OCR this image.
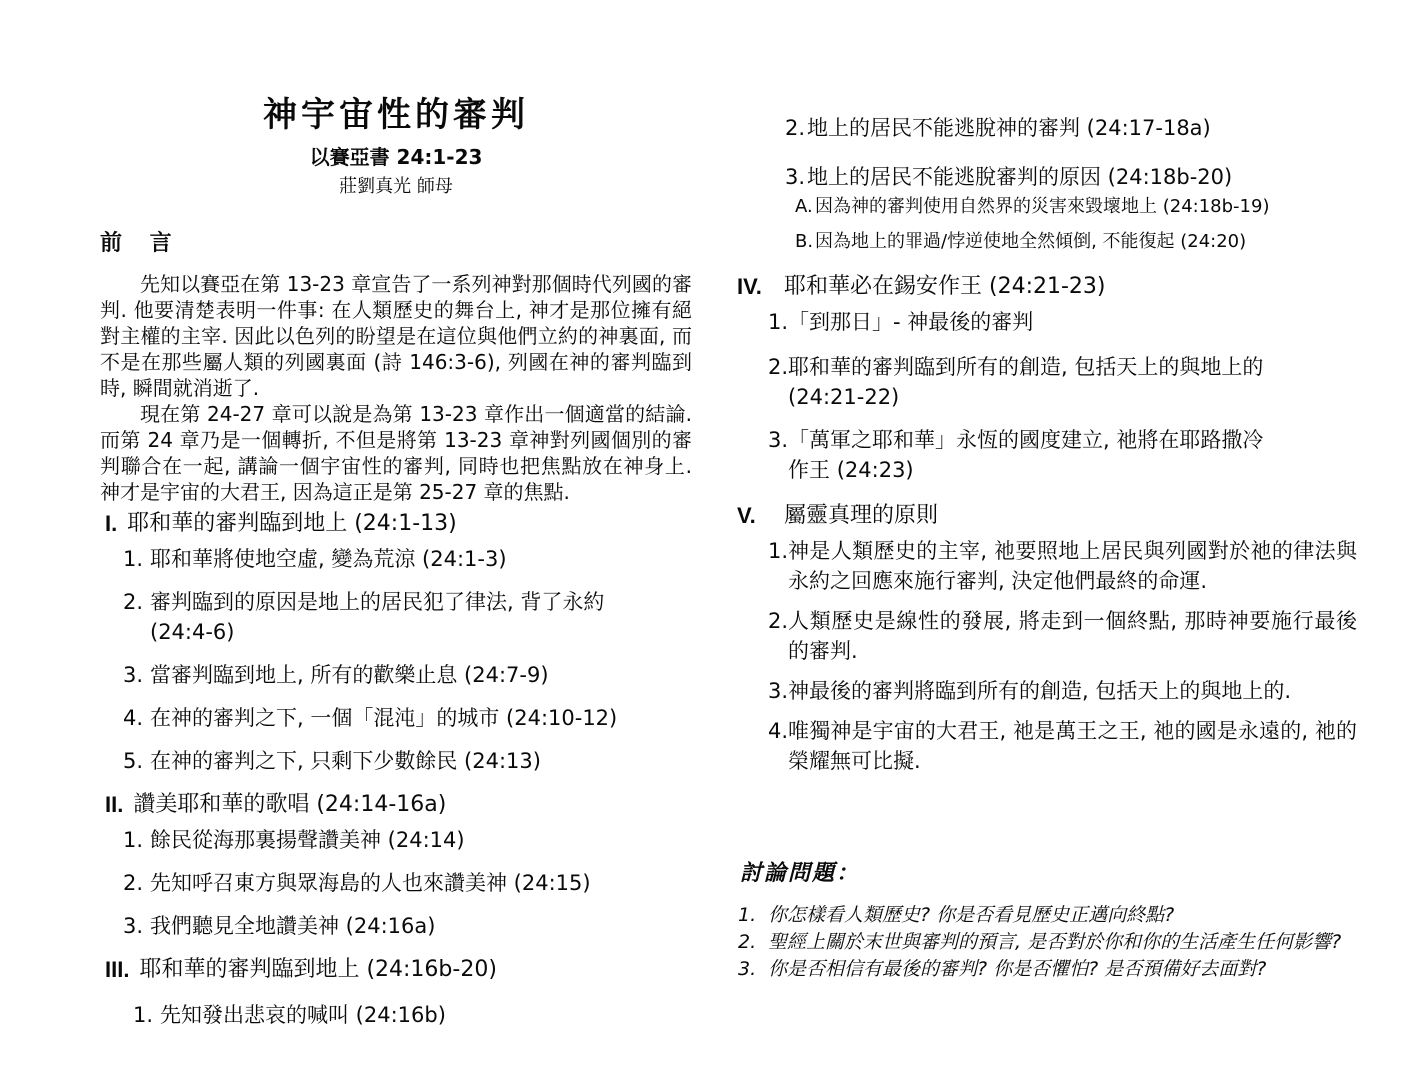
神宇宙性的審判
以賽亞書 24:1-23
莊劉真光 師母
前 言

先知以賽亞在第 13-23 章宣告了一系列神對那個時代列國的審判. 他要清楚表明一件事: 在人類歷史的舞台上, 神才是那位擁有絕對主權的主宰. 因此以色列的盼望是在這位與他們立約的神裏面, 而不是在那些屬人類的列國裏面 (詩 146:3-6), 列國在神的審判臨到時, 瞬間就消逝了.

現在第 24-27 章可以說是為第 13-23 章作出一個適當的結論. 而第 24 章乃是一個轉折, 不但是將第 13-23 章神對列國個別的審判聯合在一起, 講論一個宇宙性的審判, 同時也把焦點放在神身上. 神才是宇宙的大君王, 因為這正是第 25-27 章的焦點.

I. 耶和華的審判臨到地上 (24:1-13)
1. 耶和華將使地空虛, 變為荒涼 (24:1-3)
2. 審判臨到的原因是地上的居民犯了律法, 背了永約
(24:4-6)
3. 當審判臨到地上, 所有的歡樂止息 (24:7-9)
4. 在神的審判之下, 一個「混沌」的城市 (24:10-12)
5. 在神的審判之下, 只剩下少數餘民 (24:13)
II. 讚美耶和華的歌唱 (24:14-16a)
1. 餘民從海那裏揚聲讚美神 (24:14)
2. 先知呼召東方與眾海島的人也來讚美神 (24:15)
3. 我們聽見全地讚美神 (24:16a)
III. 耶和華的審判臨到地上 (24:16b-20)
1. 先知發出悲哀的喊叫 (24:16b)
2. 地上的居民不能逃脫神的審判 (24:17-18a)
3. 地上的居民不能逃脫審判的原因 (24:18b-20)
A. 因為神的審判使用自然界的災害來毀壞地上 (24:18b-19)
B. 因為地上的罪過/悖逆使地全然傾倒, 不能復起 (24:20)
IV.	耶和華必在錫安作王 (24:21-23)
1. 「到那日」- 神最後的審判
2. 耶和華的審判臨到所有的創造, 包括天上的與地上的
(24:21-22)
3. 「萬軍之耶和華」永恆的國度建立, 祂將在耶路撒冷
作王 (24:23)
V.	屬靈真理的原則
1. 神是人類歷史的主宰, 祂要照地上居民與列國對於祂的律法與永約之回應來施行審判, 決定他們最終的命運.
2. 人類歷史是線性的發展, 將走到一個終點, 那時神要施行最後的審判.
3. 神最後的審判將臨到所有的創造, 包括天上的與地上的.
4. 唯獨神是宇宙的大君王, 祂是萬王之王, 祂的國是永遠的, 祂的榮耀無可比擬.
討論問題：
1. 你怎樣看人類歷史? 你是否看見歷史正邁向終點?
2. 聖經上關於末世與審判的預言, 是否對於你和你的生活產生任何影響?
3. 你是否相信有最後的審判? 你是否懼怕? 是否預備好去面對?
